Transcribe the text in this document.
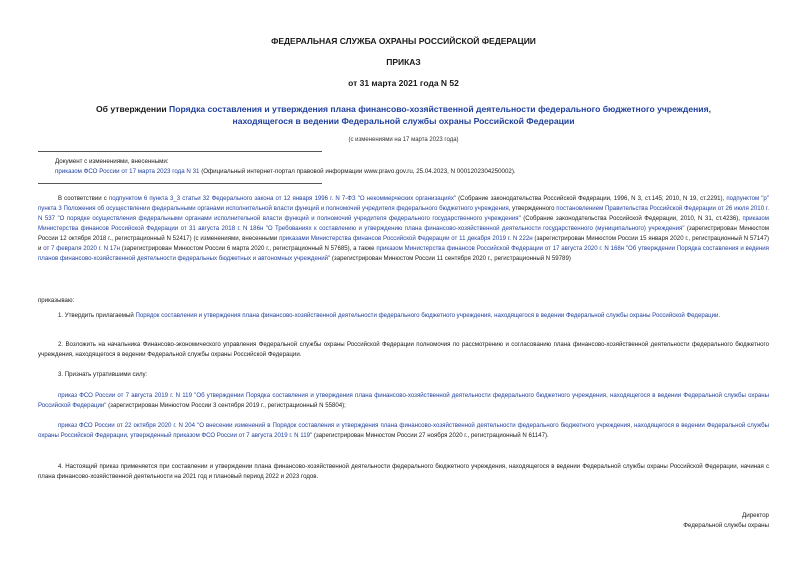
ФЕДЕРАЛЬНАЯ СЛУЖБА ОХРАНЫ РОССИЙСКОЙ ФЕДЕРАЦИИ
ПРИКАЗ
от 31 марта 2021 года N 52
Об утверждении Порядка составления и утверждения плана финансово-хозяйственной деятельности федерального бюджетного учреждения, находящегося в ведении Федеральной службы охраны Российской Федерации
(с изменениями на 17 марта 2023 года)
Документ с изменениями, внесенными:
приказом ФСО России от 17 марта 2023 года N 31 (Официальный интернет-портал правовой информации www.pravo.gov.ru, 25.04.2023, N 0001202304250002).
В соответствии с подпунктом 6 пункта 3_3 статьи 32 Федерального закона от 12 января 1996 г. N 7-ФЗ "О некоммерческих организациях" (Собрание законодательства Российской Федерации, 1996, N 3, ст.145; 2010, N 19, ст.2291), подпунктом "р" пункта 3 Положения об осуществлении федеральными органами исполнительной власти функций и полномочий учредителя федерального бюджетного учреждения, утвержденного постановлением Правительства Российской Федерации от 26 июля 2010 г. N 537 "О порядке осуществления федеральными органами исполнительной власти функций и полномочий учредителя федерального государственного учреждения" (Собрание законодательства Российской Федерации, 2010, N 31, ст.4236), приказом Министерства финансов Российской Федерации от 31 августа 2018 г. N 186н "О Требованиях к составлению и утверждению плана финансово-хозяйственной деятельности государственного (муниципального) учреждения" (зарегистрирован Минюстом России 12 октября 2018 г., регистрационный N 52417) (с изменениями, внесенными приказами Министерства финансов Российской Федерации от 11 декабря 2019 г. N 222н (зарегистрирован Минюстом России 15 января 2020 г., регистрационный N 57147) и от 7 февраля 2020 г. N 17н (зарегистрирован Минюстом России 6 марта 2020 г., регистрационный N 57685), а также приказом Министерства финансов Российской Федерации от 17 августа 2020 г. N 168н "Об утверждении Порядка составления и ведения планов финансово-хозяйственной деятельности федеральных бюджетных и автономных учреждений" (зарегистрирован Минюстом России 11 сентября 2020 г., регистрационный N 59789)
приказываю:
1. Утвердить прилагаемый Порядок составления и утверждения плана финансово-хозяйственной деятельности федерального бюджетного учреждения, находящегося в ведении Федеральной службы охраны Российской Федерации.
2. Возложить на начальника Финансово-экономического управления Федеральной службы охраны Российской Федерации полномочия по рассмотрению и согласованию плана финансово-хозяйственной деятельности федерального бюджетного учреждения, находящегося в ведении Федеральной службы охраны Российской Федерации.
3. Признать утратившими силу:
приказ ФСО России от 7 августа 2019 г. N 119 "Об утверждении Порядка составления и утверждения плана финансово-хозяйственной деятельности федерального бюджетного учреждения, находящегося в ведении Федеральной службы охраны Российской Федерации" (зарегистрирован Минюстом России 3 сентября 2019 г., регистрационный N 55804);
приказ ФСО России от 22 октября 2020 г. N 204 "О внесении изменений в Порядок составления и утверждения плана финансово-хозяйственной деятельности федерального бюджетного учреждения, находящегося в ведении Федеральной службы охраны Российской Федерации, утвержденный приказом ФСО России от 7 августа 2019 г. N 119" (зарегистрирован Минюстом России 27 ноября 2020 г., регистрационный N 61147).
4. Настоящий приказ применяется при составлении и утверждении плана финансово-хозяйственной деятельности федерального бюджетного учреждения, находящегося в ведении Федеральной службы охраны Российской Федерации, начиная с плана финансово-хозяйственной деятельности на 2021 год и плановый период 2022 и 2023 годов.
Директор
Федеральной службы охраны
